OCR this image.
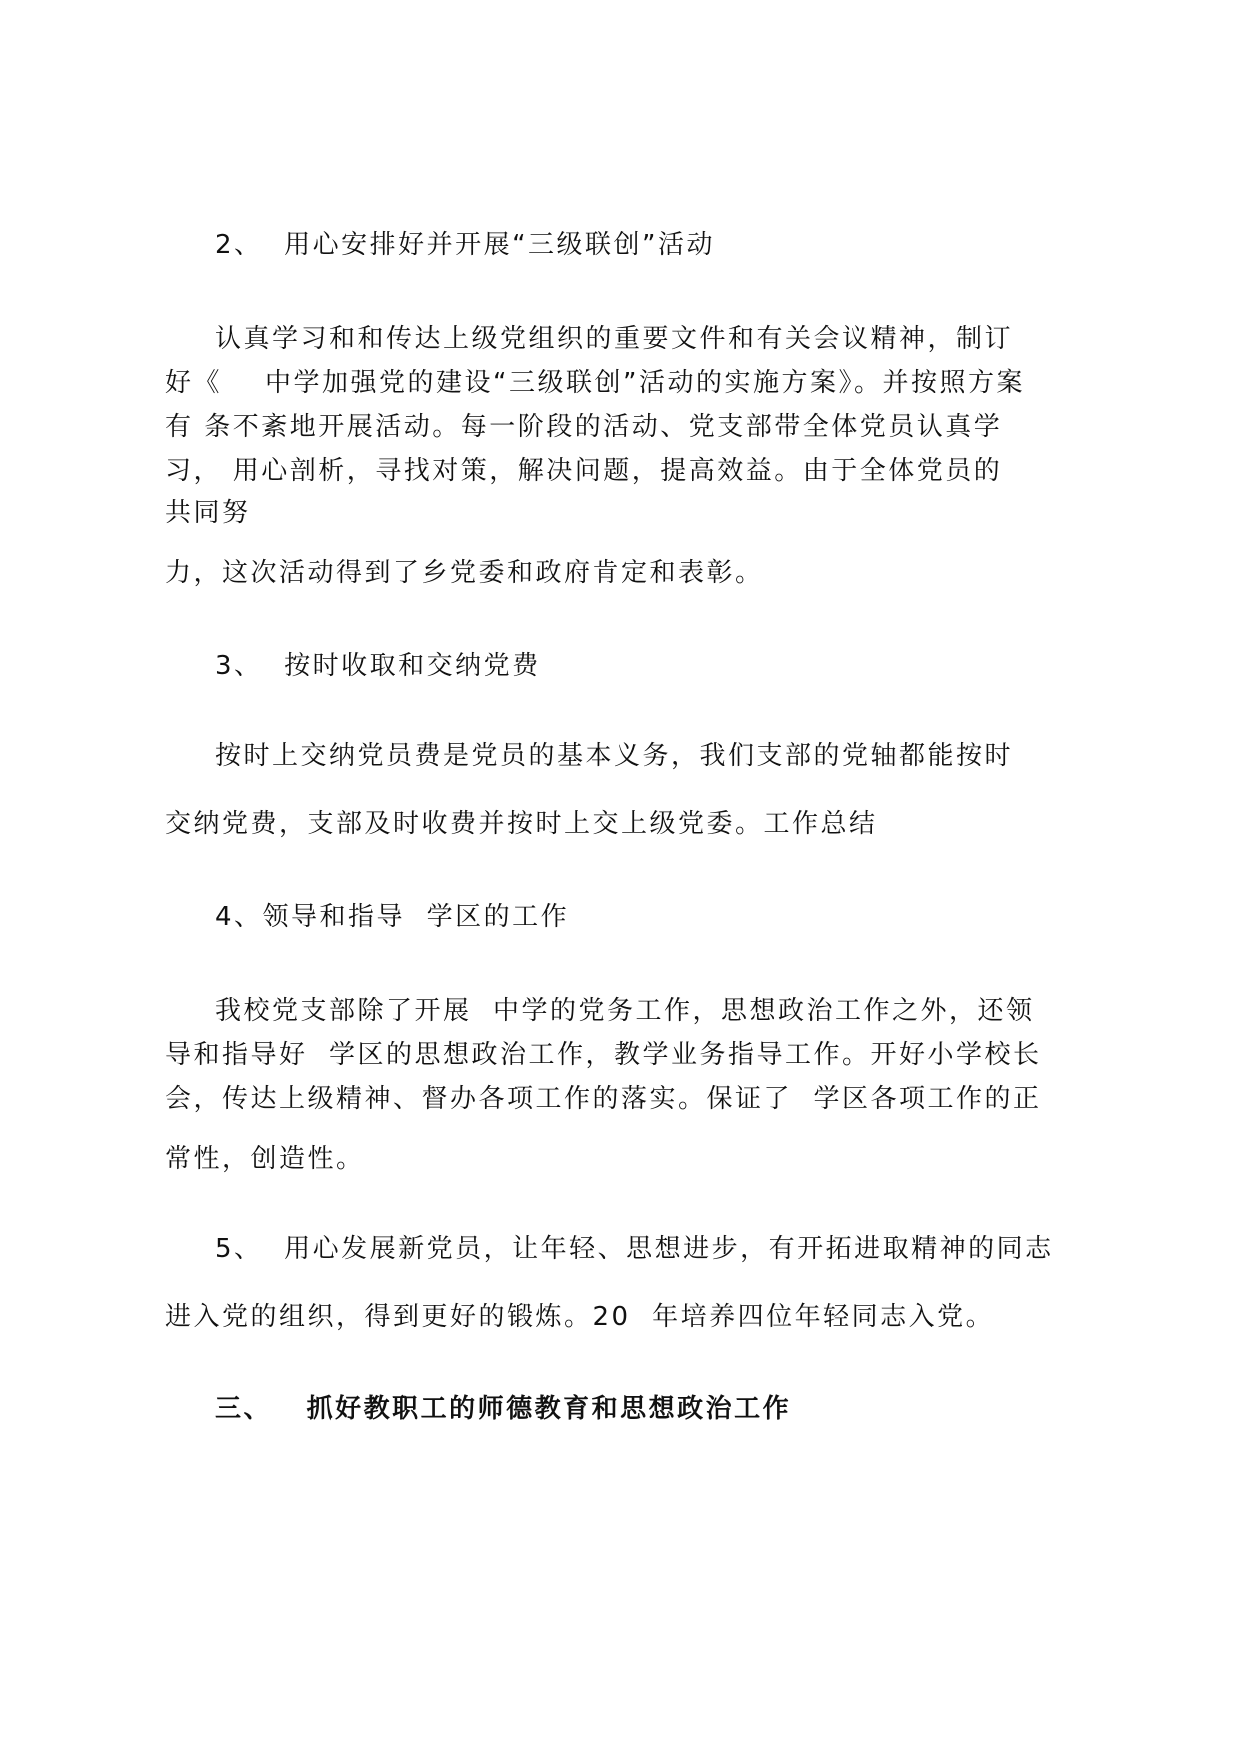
2、  用心安排好并开展“三级联创”活动
认真学习和和传达上级党组织的重要文件和有关会议精神，制订
好《    中学加强党的建设“三级联创”活动的实施方案》。并按照方案
有 条不紊地开展活动。每一阶段的活动、党支部带全体党员认真学
习， 用心剖析，寻找对策，解决问题，提高效益。由于全体党员的
共同努
力，这次活动得到了乡党委和政府肯定和表彰。
3、  按时收取和交纳党费
按时上交纳党员费是党员的基本义务，我们支部的党轴都能按时
交纳党费，支部及时收费并按时上交上级党委。工作总结
4、领导和指导  学区的工作
我校党支部除了开展  中学的党务工作，思想政治工作之外，还领
导和指导好  学区的思想政治工作，教学业务指导工作。开好小学校长
会，传达上级精神、督办各项工作的落实。保证了  学区各项工作的正
常性，创造性。
5、  用心发展新党员，让年轻、思想进步，有开拓进取精神的同志
进入党的组织，得到更好的锻炼。20  年培养四位年轻同志入党。
三、   抓好教职工的师德教育和思想政治工作
